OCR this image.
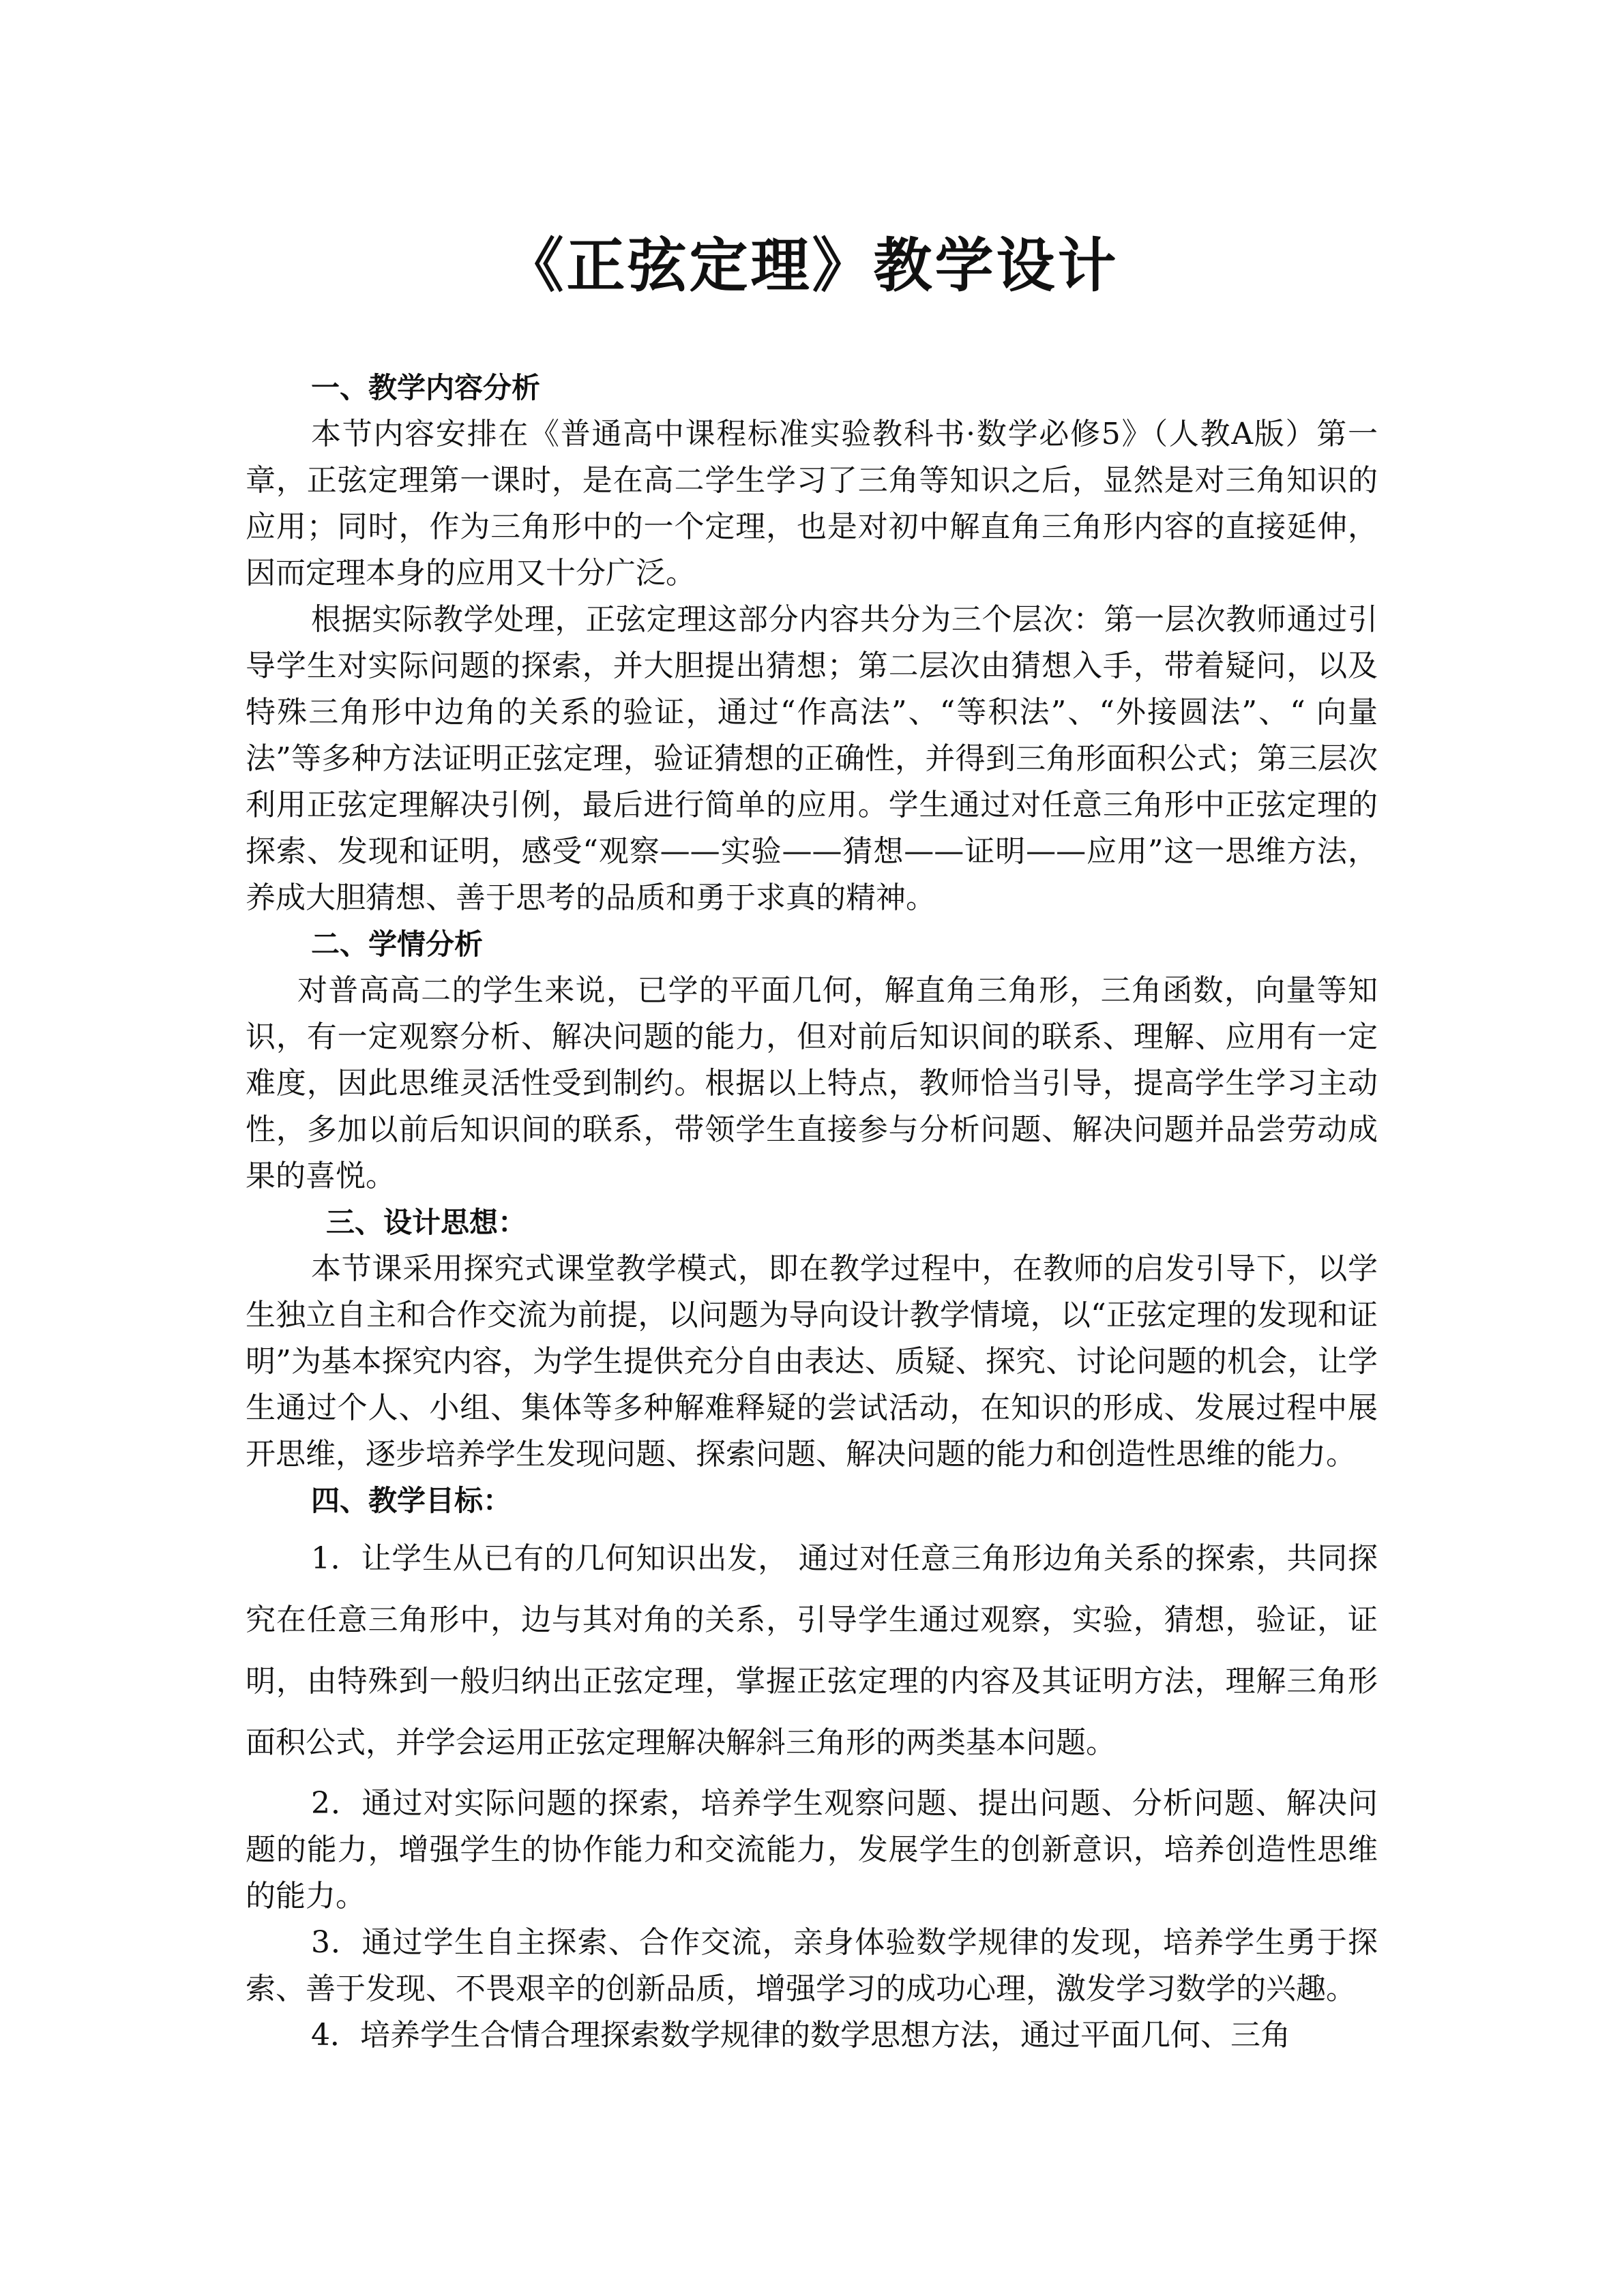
《正弦定理》教学设计

一、教学内容分析

本节内容安排在《普通高中课程标准实验教科书·数学必修5》（人教A版）第一章，正弦定理第一课时，是在高二学生学习了三角等知识之后，显然是对三角知识的应用；同时，作为三角形中的一个定理，也是对初中解直角三角形内容的直接延伸，因而定理本身的应用又十分广泛。

根据实际教学处理，正弦定理这部分内容共分为三个层次：第一层次教师通过引导学生对实际问题的探索，并大胆提出猜想；第二层次由猜想入手，带着疑问，以及特殊三角形中边角的关系的验证，通过“作高法”、“等积法”、“外接圆法”、“ 向量法”等多种方法证明正弦定理，验证猜想的正确性，并得到三角形面积公式；第三层次利用正弦定理解决引例，最后进行简单的应用。学生通过对任意三角形中正弦定理的探索、发现和证明，感受“观察——实验——猜想——证明——应用”这一思维方法，养成大胆猜想、善于思考的品质和勇于求真的精神。

二、学情分析

对普高高二的学生来说，已学的平面几何，解直角三角形，三角函数，向量等知识，有一定观察分析、解决问题的能力，但对前后知识间的联系、理解、应用有一定难度，因此思维灵活性受到制约。根据以上特点，教师恰当引导，提高学生学习主动性，多加以前后知识间的联系，带领学生直接参与分析问题、解决问题并品尝劳动成果的喜悦。

三、设计思想：

本节课采用探究式课堂教学模式，即在教学过程中，在教师的启发引导下，以学生独立自主和合作交流为前提，以问题为导向设计教学情境，以“正弦定理的发现和证明”为基本探究内容，为学生提供充分自由表达、质疑、探究、讨论问题的机会，让学生通过个人、小组、集体等多种解难释疑的尝试活动，在知识的形成、发展过程中展开思维，逐步培养学生发现问题、探索问题、解决问题的能力和创造性思维的能力。

四、教学目标：

1．让学生从已有的几何知识出发， 通过对任意三角形边角关系的探索，共同探究在任意三角形中，边与其对角的关系，引导学生通过观察，实验，猜想，验证，证明，由特殊到一般归纳出正弦定理，掌握正弦定理的内容及其证明方法，理解三角形面积公式，并学会运用正弦定理解决解斜三角形的两类基本问题。

2．通过对实际问题的探索，培养学生观察问题、提出问题、分析问题、解决问题的能力，增强学生的协作能力和交流能力，发展学生的创新意识，培养创造性思维的能力。

3．通过学生自主探索、合作交流，亲身体验数学规律的发现，培养学生勇于探索、善于发现、不畏艰辛的创新品质，增强学习的成功心理，激发学习数学的兴趣。

4．培养学生合情合理探索数学规律的数学思想方法，通过平面几何、三角
